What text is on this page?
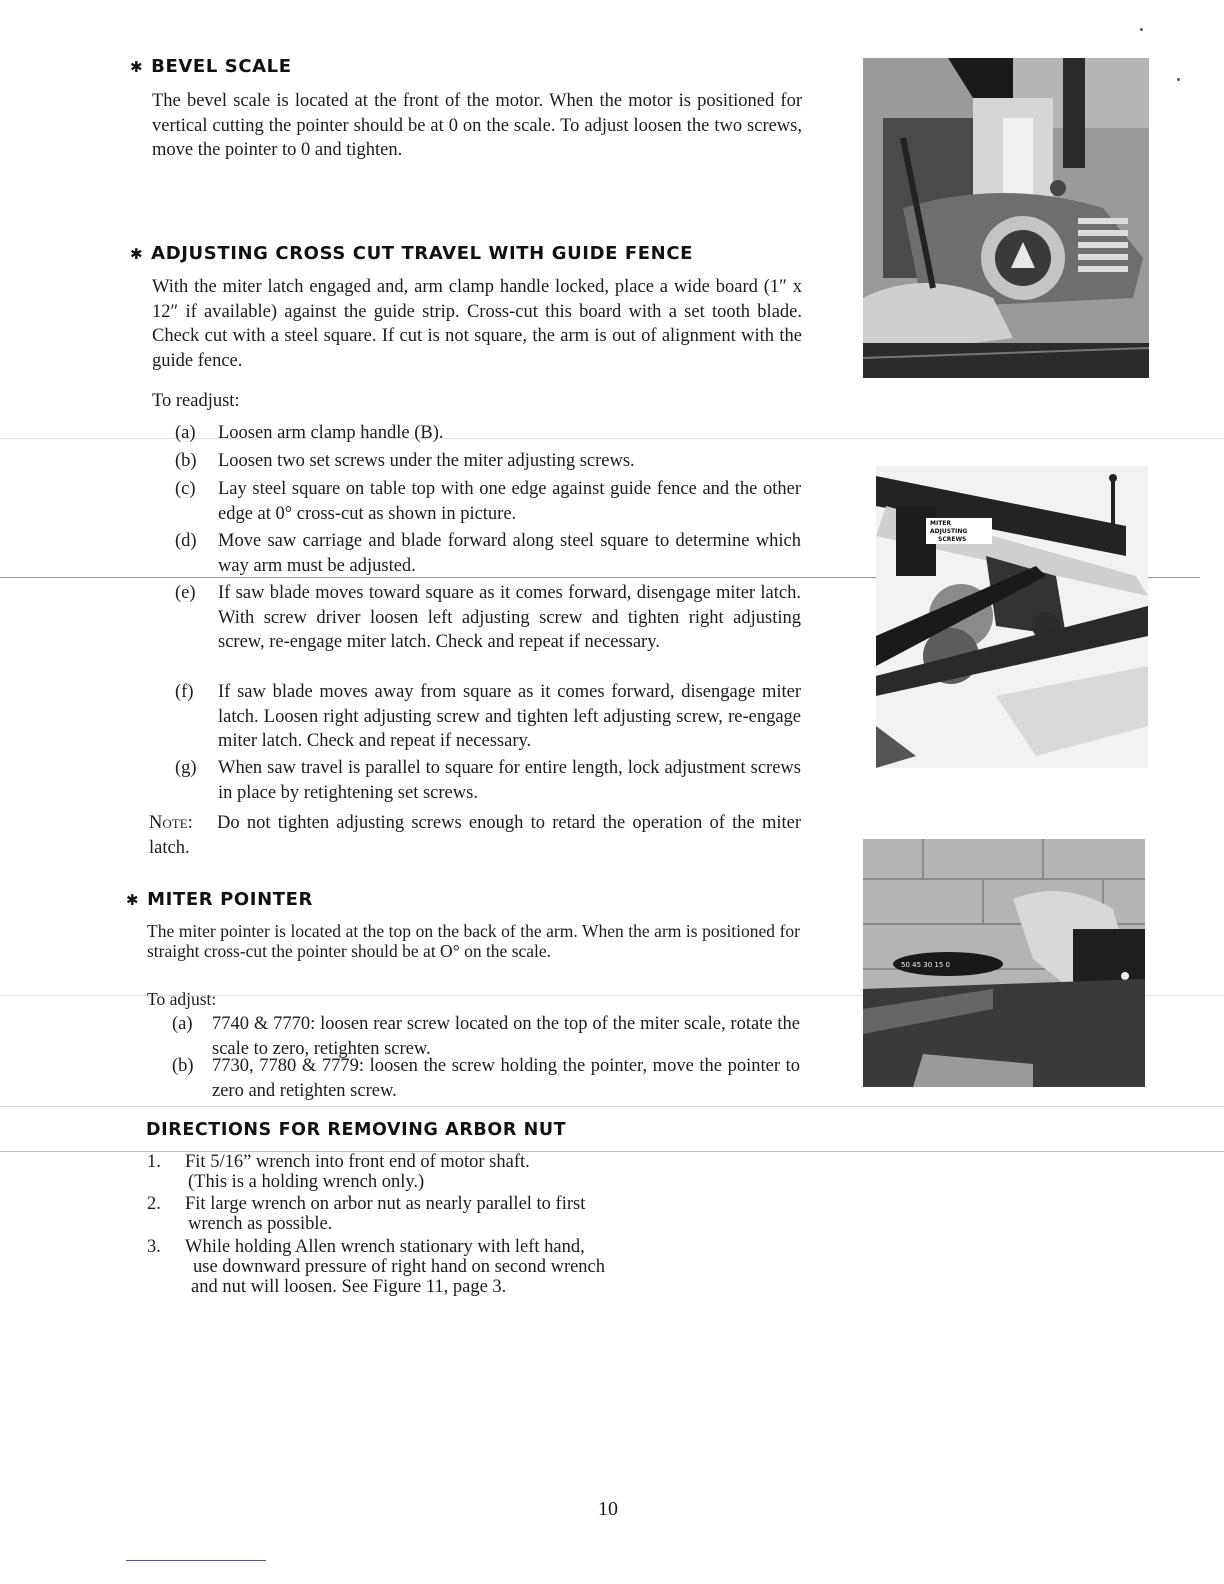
✱ BEVEL SCALE
The bevel scale is located at the front of the motor. When the motor is positioned for vertical cutting the pointer should be at 0 on the scale. To adjust loosen the two screws, move the pointer to 0 and tighten.
✱ ADJUSTING CROSS CUT TRAVEL WITH GUIDE FENCE
With the miter latch engaged and, arm clamp handle locked, place a wide board (1″ x 12″ if available) against the guide strip. Cross-cut this board with a set tooth blade. Check cut with a steel square. If cut is not square, the arm is out of alignment with the guide fence.
To readjust:
(a) Loosen arm clamp handle (B).
(b) Loosen two set screws under the miter adjusting screws.
(c) Lay steel square on table top with one edge against guide fence and the other edge at 0° cross-cut as shown in picture.
(d) Move saw carriage and blade forward along steel square to determine which way arm must be adjusted.
(e) If saw blade moves toward square as it comes forward, disengage miter latch. With screw driver loosen left adjusting screw and tighten right adjusting screw, re-engage miter latch. Check and repeat if necessary.
(f) If saw blade moves away from square as it comes forward, disengage miter latch. Loosen right adjusting screw and tighten left adjusting screw, re-engage miter latch. Check and repeat if necessary.
(g) When saw travel is parallel to square for entire length, lock adjustment screws in place by retightening set screws.
Note:	Do not tighten adjusting screws enough to retard the operation of the miter latch.
✱ MITER POINTER
The miter pointer is located at the top on the back of the arm. When the arm is positioned for straight cross-cut the pointer should be at O° on the scale.
To adjust:
(a) 7740 & 7770: loosen rear screw located on the top of the miter scale, rotate the scale to zero, retighten screw.
(b) 7730, 7780 & 7779: loosen the screw holding the pointer, move the pointer to zero and retighten screw.
DIRECTIONS FOR REMOVING ARBOR NUT
1. Fit 5/16” wrench into front end of motor shaft.
(This is a holding wrench only.)
2. Fit large wrench on arbor nut as nearly parallel to first
wrench as possible.
3. While holding Allen wrench stationary with left hand,
use downward pressure of right hand on second wrench
and nut will loosen. See Figure 11, page 3.
MITER
ADJUSTING
SCREWS
50 45 30 15 0
10
